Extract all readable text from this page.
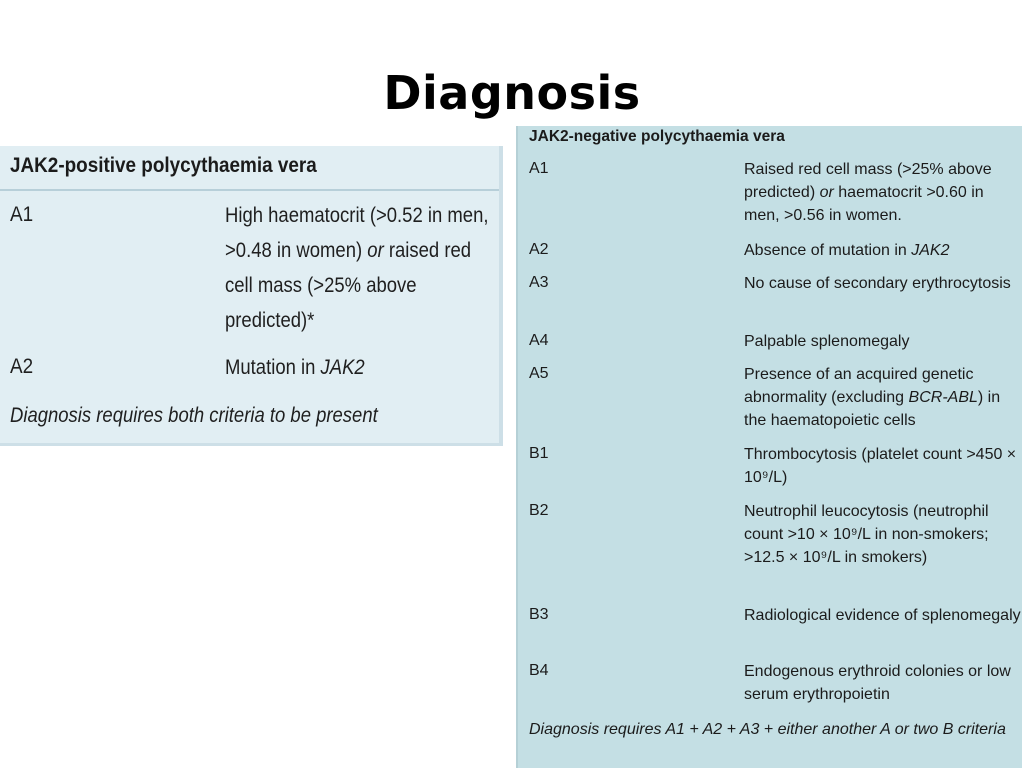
Diagnosis
JAK2-positive polycythaemia vera
A1	High haematocrit (>0.52 in men, >0.48 in women) or raised red cell mass (>25% above predicted)*
A2	Mutation in JAK2
Diagnosis requires both criteria to be present
JAK2-negative polycythaemia vera
A1	Raised red cell mass (>25% above predicted) or haematocrit >0.60 in men, >0.56 in women.
A2	Absence of mutation in JAK2
A3	No cause of secondary erythrocytosis
A4	Palpable splenomegaly
A5	Presence of an acquired genetic abnormality (excluding BCR-ABL) in the haematopoietic cells
B1	Thrombocytosis (platelet count >450 × 10⁹/L)
B2	Neutrophil leucocytosis (neutrophil count >10 × 10⁹/L in non-smokers; >12.5 × 10⁹/L in smokers)
B3	Radiological evidence of splenomegaly
B4	Endogenous erythroid colonies or low serum erythropoietin
Diagnosis requires A1 + A2 + A3 + either another A or two B criteria
